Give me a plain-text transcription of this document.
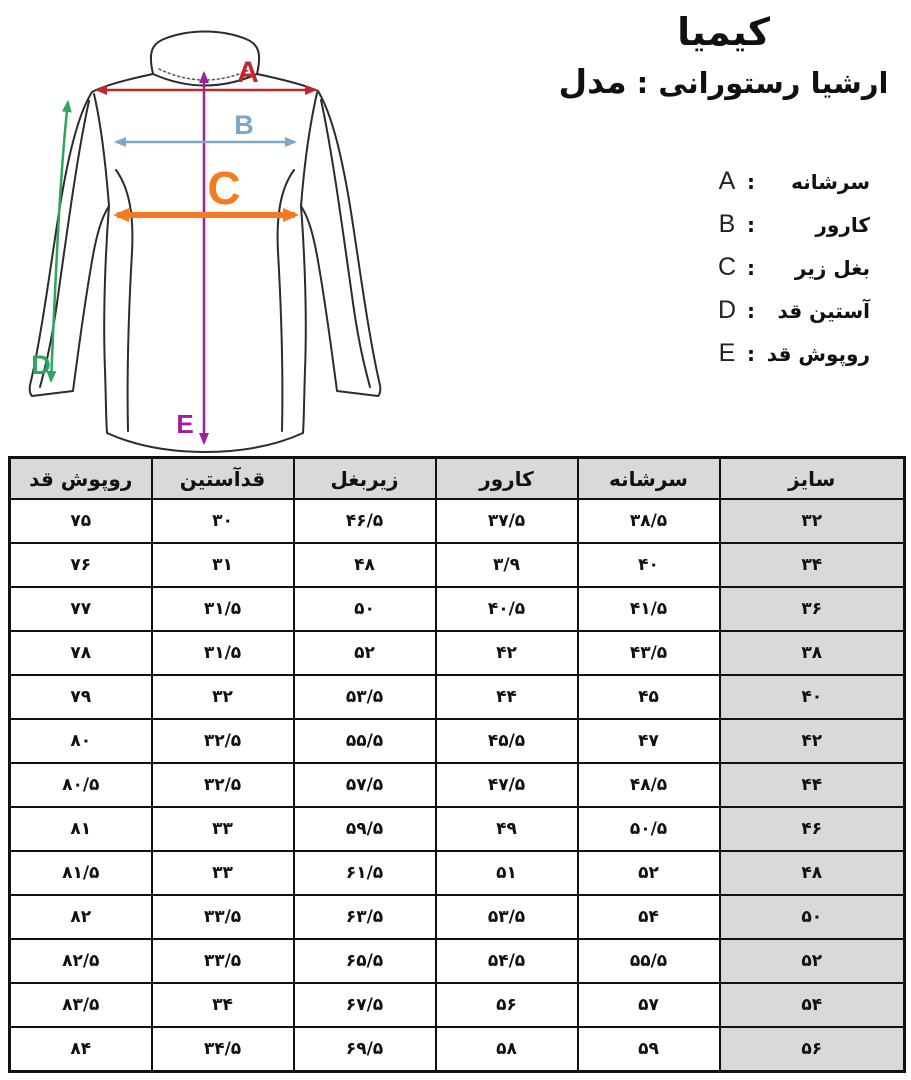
E
A
B
C
D
کیمیا
مدل : رستورانی‎ ارشیا
A : سرشانه
B :	کارور
C : زیر‎ بغل
D : قد‎ آستین
E : قد‎ روپوش
قد‎ روپوش	قدآستین	زیربغل	کارور	سرشانه	سایز
۷۵	۳۰	۴۶/۵	۳۷/۵	۳۸/۵	۳۲
۷۶	۳۱	۴۸	۳/۹	۴۰	۳۴
۷۷	۳۱/۵	۵۰	۴۰/۵	۴۱/۵	۳۶
۷۸	۳۱/۵	۵۲	۴۲	۴۳/۵	۳۸
۷۹	۳۲	۵۳/۵	۴۴	۴۵	۴۰
۸۰	۳۲/۵	۵۵/۵	۴۵/۵	۴۷	۴۲
۸۰/۵	۳۲/۵	۵۷/۵	۴۷/۵	۴۸/۵	۴۴
۸۱	۳۳	۵۹/۵	۴۹	۵۰/۵	۴۶
۸۱/۵	۳۳	۶۱/۵	۵۱	۵۲	۴۸
۸۲	۳۳/۵	۶۳/۵	۵۳/۵	۵۴	۵۰
۸۲/۵	۳۳/۵	۶۵/۵	۵۴/۵	۵۵/۵	۵۲
۸۳/۵	۳۴	۶۷/۵	۵۶	۵۷	۵۴
۸۴	۳۴/۵	۶۹/۵	۵۸	۵۹	۵۶
